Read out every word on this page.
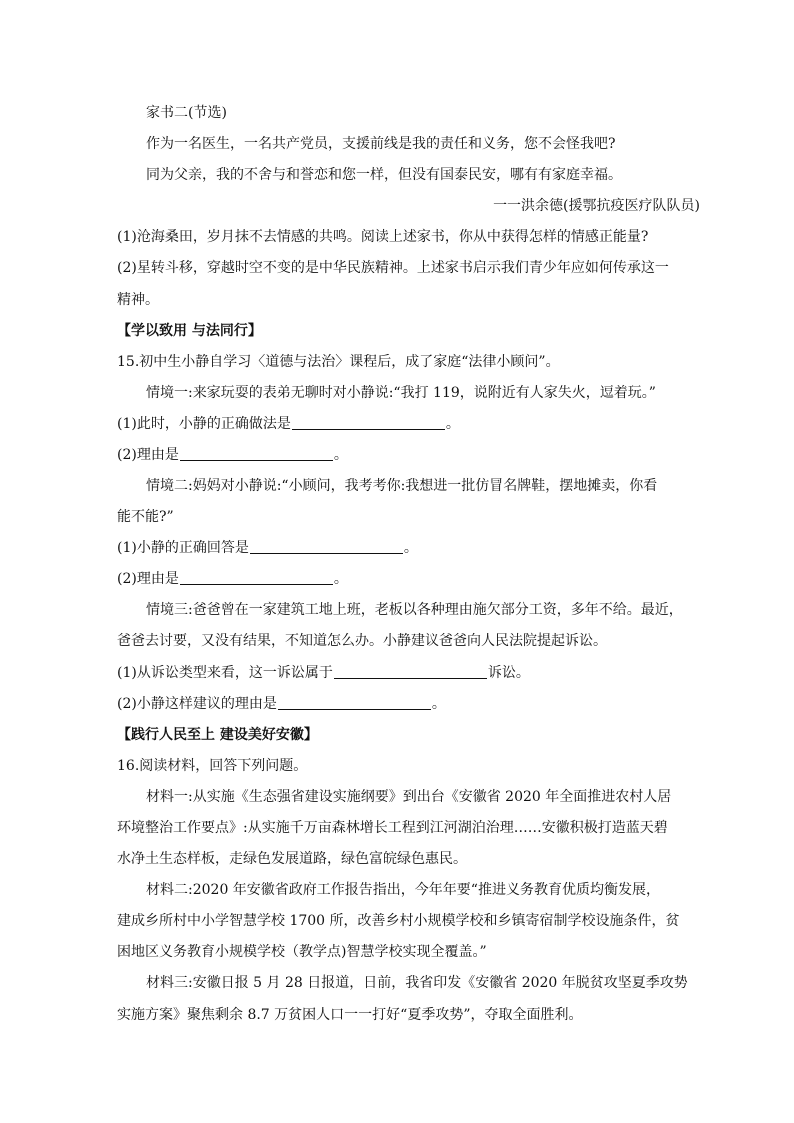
家书二(节选)
作为一名医生，一名共产党员，支援前线是我的责任和义务，您不会怪我吧?
同为父亲，我的不舍与和誉恋和您一样，但没有国泰民安，哪有有家庭幸福。
一一洪余德(援鄂抗疫医疗队队员)
(1)沧海桑田，岁月抹不去情感的共鸣。阅读上述家书，你从中获得怎样的情感正能量?
(2)星转斗移，穿越时空不变的是中华民族精神。上述家书启示我们青少年应如何传承这一
精神。
【学以致用 与法同行】
15.初中生小静自学习〈道德与法治〉课程后，成了家庭“法律小顾问”。
情境一:来家玩耍的表弟无聊时对小静说:“我打 119，说附近有人家失火，逗着玩。”
(1)此时，小静的正确做法是	。
(2)理由是	。
情境二:妈妈对小静说:“小顾问，我考考你:我想进一批仿冒名牌鞋，摆地摊卖，你看
能不能?”
(1)小静的正确回答是	。
(2)理由是	。
情境三:爸爸曾在一家建筑工地上班，老板以各种理由施欠部分工资，多年不给。最近，
爸爸去讨要，又没有结果，不知道怎么办。小静建议爸爸向人民法院提起诉讼。
(1)从诉讼类型来看，这一诉讼属于	诉讼。
(2)小静这样建议的理由是	。
【践行人民至上 建设美好安徽】
16.阅读材料，回答下列问题。
材料一:从实施《生态强省建设实施纲要》到出台《安徽省 2020 年全面推进农村人居
环境整治工作要点》:从实施千万亩森林增长工程到江河湖泊治理……安徽积极打造蓝天碧
水净土生态样板，走绿色发展道路，绿色富皖绿色惠民。
材料二:2020 年安徽省政府工作报告指出，今年年要“推进义务教育优质均衡发展，
建成乡所村中小学智慧学校 1700 所，改善乡村小规模学校和乡镇寄宿制学校设施条件，贫
困地区义务教育小规模学校（教学点)智慧学校实现全覆盖。”
材料三:安徽日报 5 月 28 日报道，日前，我省印发《安徽省 2020 年脱贫攻坚夏季攻势
实施方案》聚焦剩余 8.7 万贫困人口一一打好“夏季攻势”，夺取全面胜利。
